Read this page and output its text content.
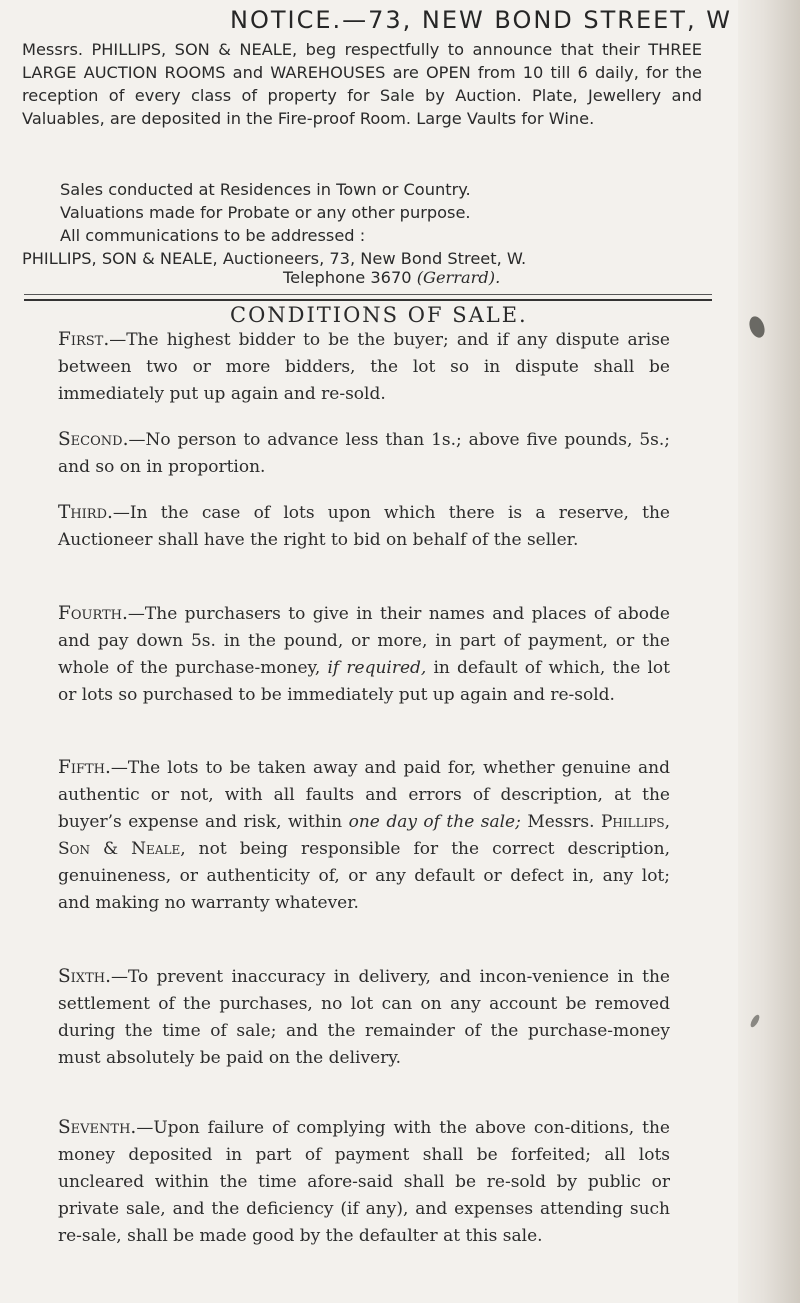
NOTICE.—73, NEW BOND STREET, W
Messrs. PHILLIPS, SON & NEALE, beg respectfully to announce that their THREE LARGE AUCTION ROOMS and WAREHOUSES are OPEN from 10 till 6 daily, for the reception of every class of property for Sale by Auction. Plate, Jewellery and Valuables, are deposited in the Fire-proof Room. Large Vaults for Wine.
Sales conducted at Residences in Town or Country.
Valuations made for Probate or any other purpose.
All communications to be addressed :
PHILLIPS, SON & NEALE, Auctioneers, 73, New Bond Street, W.
Telephone 3670 (Gerrard).
CONDITIONS OF SALE.
First.—The highest bidder to be the buyer; and if any dispute arise between two or more bidders, the lot so in dispute shall be immediately put up again and re-sold.
Second.—No person to advance less than 1s.; above five pounds, 5s.; and so on in proportion.
Third.—In the case of lots upon which there is a reserve, the Auctioneer shall have the right to bid on behalf of the seller.
Fourth.—The purchasers to give in their names and places of abode and pay down 5s. in the pound, or more, in part of payment, or the whole of the purchase-money, if required, in default of which, the lot or lots so purchased to be immediately put up again and re-sold.
Fifth.—The lots to be taken away and paid for, whether genuine and authentic or not, with all faults and errors of description, at the buyer’s expense and risk, within one day of the sale; Messrs. Phillips, Son & Neale, not being responsible for the correct description, genuineness, or authenticity of, or any default or defect in, any lot; and making no warranty whatever.
Sixth.—To prevent inaccuracy in delivery, and incon-venience in the settlement of the purchases, no lot can on any account be removed during the time of sale; and the remainder of the purchase-money must absolutely be paid on the delivery.
Seventh.—Upon failure of complying with the above con-ditions, the money deposited in part of payment shall be forfeited; all lots uncleared within the time afore-said shall be re-sold by public or private sale, and the deficiency (if any), and expenses attending such re-sale, shall be made good by the defaulter at this sale.
